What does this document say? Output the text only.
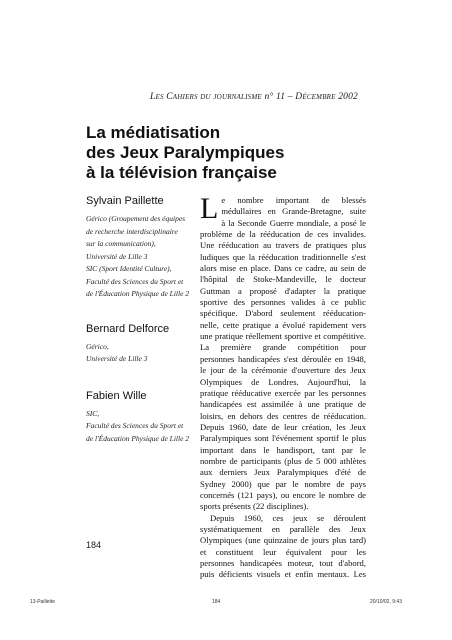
Les Cahiers du journalisme n° 11 – Décembre 2002
La médiatisation
des Jeux Paralympiques
à la télévision française
Sylvain Paillette
Gérico (Groupement des équipes
de recherche interdisciplinaire
sur la communication),
Université de Lille 3
SIC (Sport Identité Culture),
Faculté des Sciences du Sport et
de l'Éducation Physique de Lille 2
Bernard Delforce
Gérico,
Université de Lille 3
Fabien Wille
SIC,
Faculté des Sciences du Sport et
de l'Éducation Physique de Lille 2
L e nombre important de blessés
médullaires en Grande-Bretagne, suite
à la Seconde Guerre mondiale, a posé le
problème de la rééducation de ces invalides.
Une rééducation au travers de pratiques plus
ludiques que la rééducation traditionnelle s'est
alors mise en place. Dans ce cadre, au sein de
l'hôpital de Stoke-Mandeville, le docteur
Guttman a proposé d'adapter la pratique
sportive des personnes valides à ce public
spécifique. D'abord seulement rééducation-
nelle, cette pratique a évolué rapidement vers
une pratique réellement sportive et compétitive.
La première grande compétition pour
personnes handicapées s'est déroulée en 1948,
le jour de la cérémonie d'ouverture des Jeux
Olympiques de Londres. Aujourd'hui, la
pratique rééducative exercée par les personnes
handicapées est assimilée à une pratique de
loisirs, en dehors des centres de rééducation.
Depuis 1960, date de leur création, les Jeux
Paralympiques sont l'événement sportif le plus
important dans le handisport, tant par le
nombre de participants (plus de 5 000 athlètes
aux derniers Jeux Paralympiques d'été de
Sydney 2000) que par le nombre de pays
concernés (121 pays), ou encore le nombre de
sports présents (22 disciplines).
Depuis 1960, ces jeux se déroulent
systématiquement en parallèle des Jeux
Olympiques (une quinzaine de jours plus tard)
et constituent leur équivalent pour les
personnes handicapées moteur, tout d'abord,
puis déficients visuels et enfin mentaux. Les
184
13-Paillette	184	20/10/02, 9:43
